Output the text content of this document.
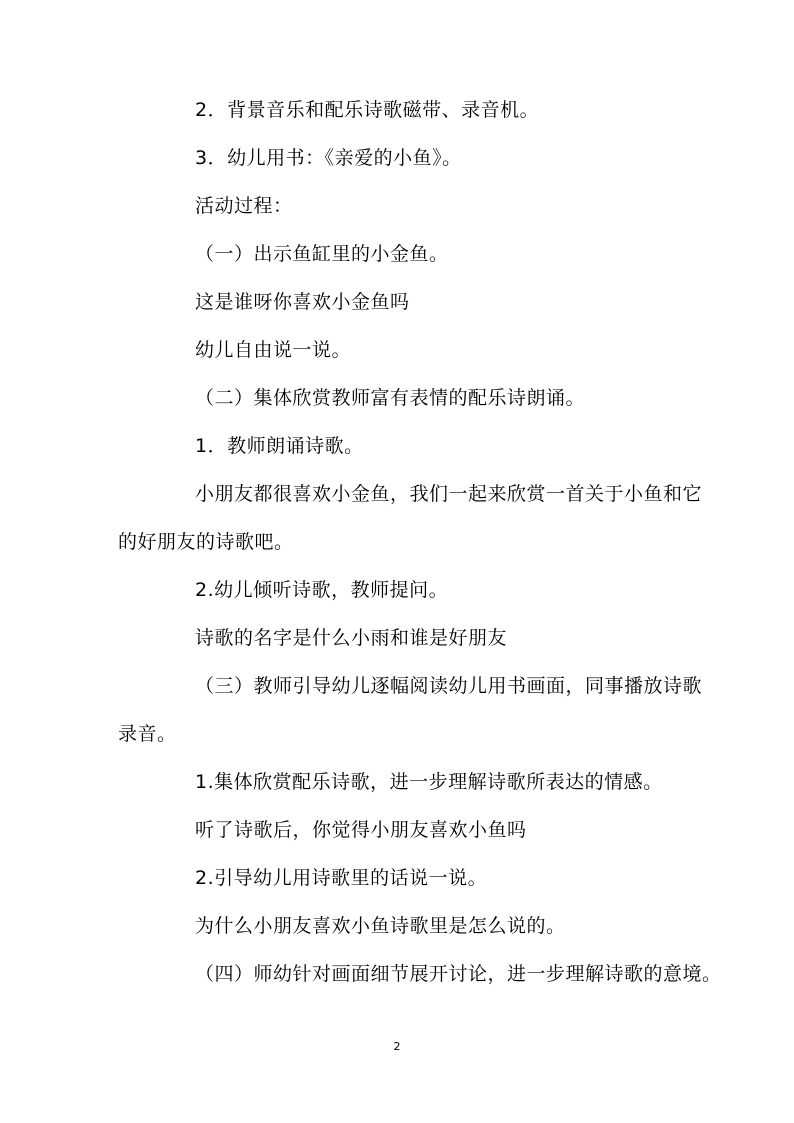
2．背景音乐和配乐诗歌磁带、录音机。
3．幼儿用书：《亲爱的小鱼》。
活动过程：
（一）出示鱼缸里的小金鱼。
这是谁呀你喜欢小金鱼吗
幼儿自由说一说。
（二）集体欣赏教师富有表情的配乐诗朗诵。
1．教师朗诵诗歌。
小朋友都很喜欢小金鱼，我们一起来欣赏一首关于小鱼和它
的好朋友的诗歌吧。
2.幼儿倾听诗歌，教师提问。
诗歌的名字是什么小雨和谁是好朋友
（三）教师引导幼儿逐幅阅读幼儿用书画面，同事播放诗歌
录音。
1.集体欣赏配乐诗歌，进一步理解诗歌所表达的情感。
听了诗歌后，你觉得小朋友喜欢小鱼吗
2.引导幼儿用诗歌里的话说一说。
为什么小朋友喜欢小鱼诗歌里是怎么说的。
（四）师幼针对画面细节展开讨论，进一步理解诗歌的意境。
2
